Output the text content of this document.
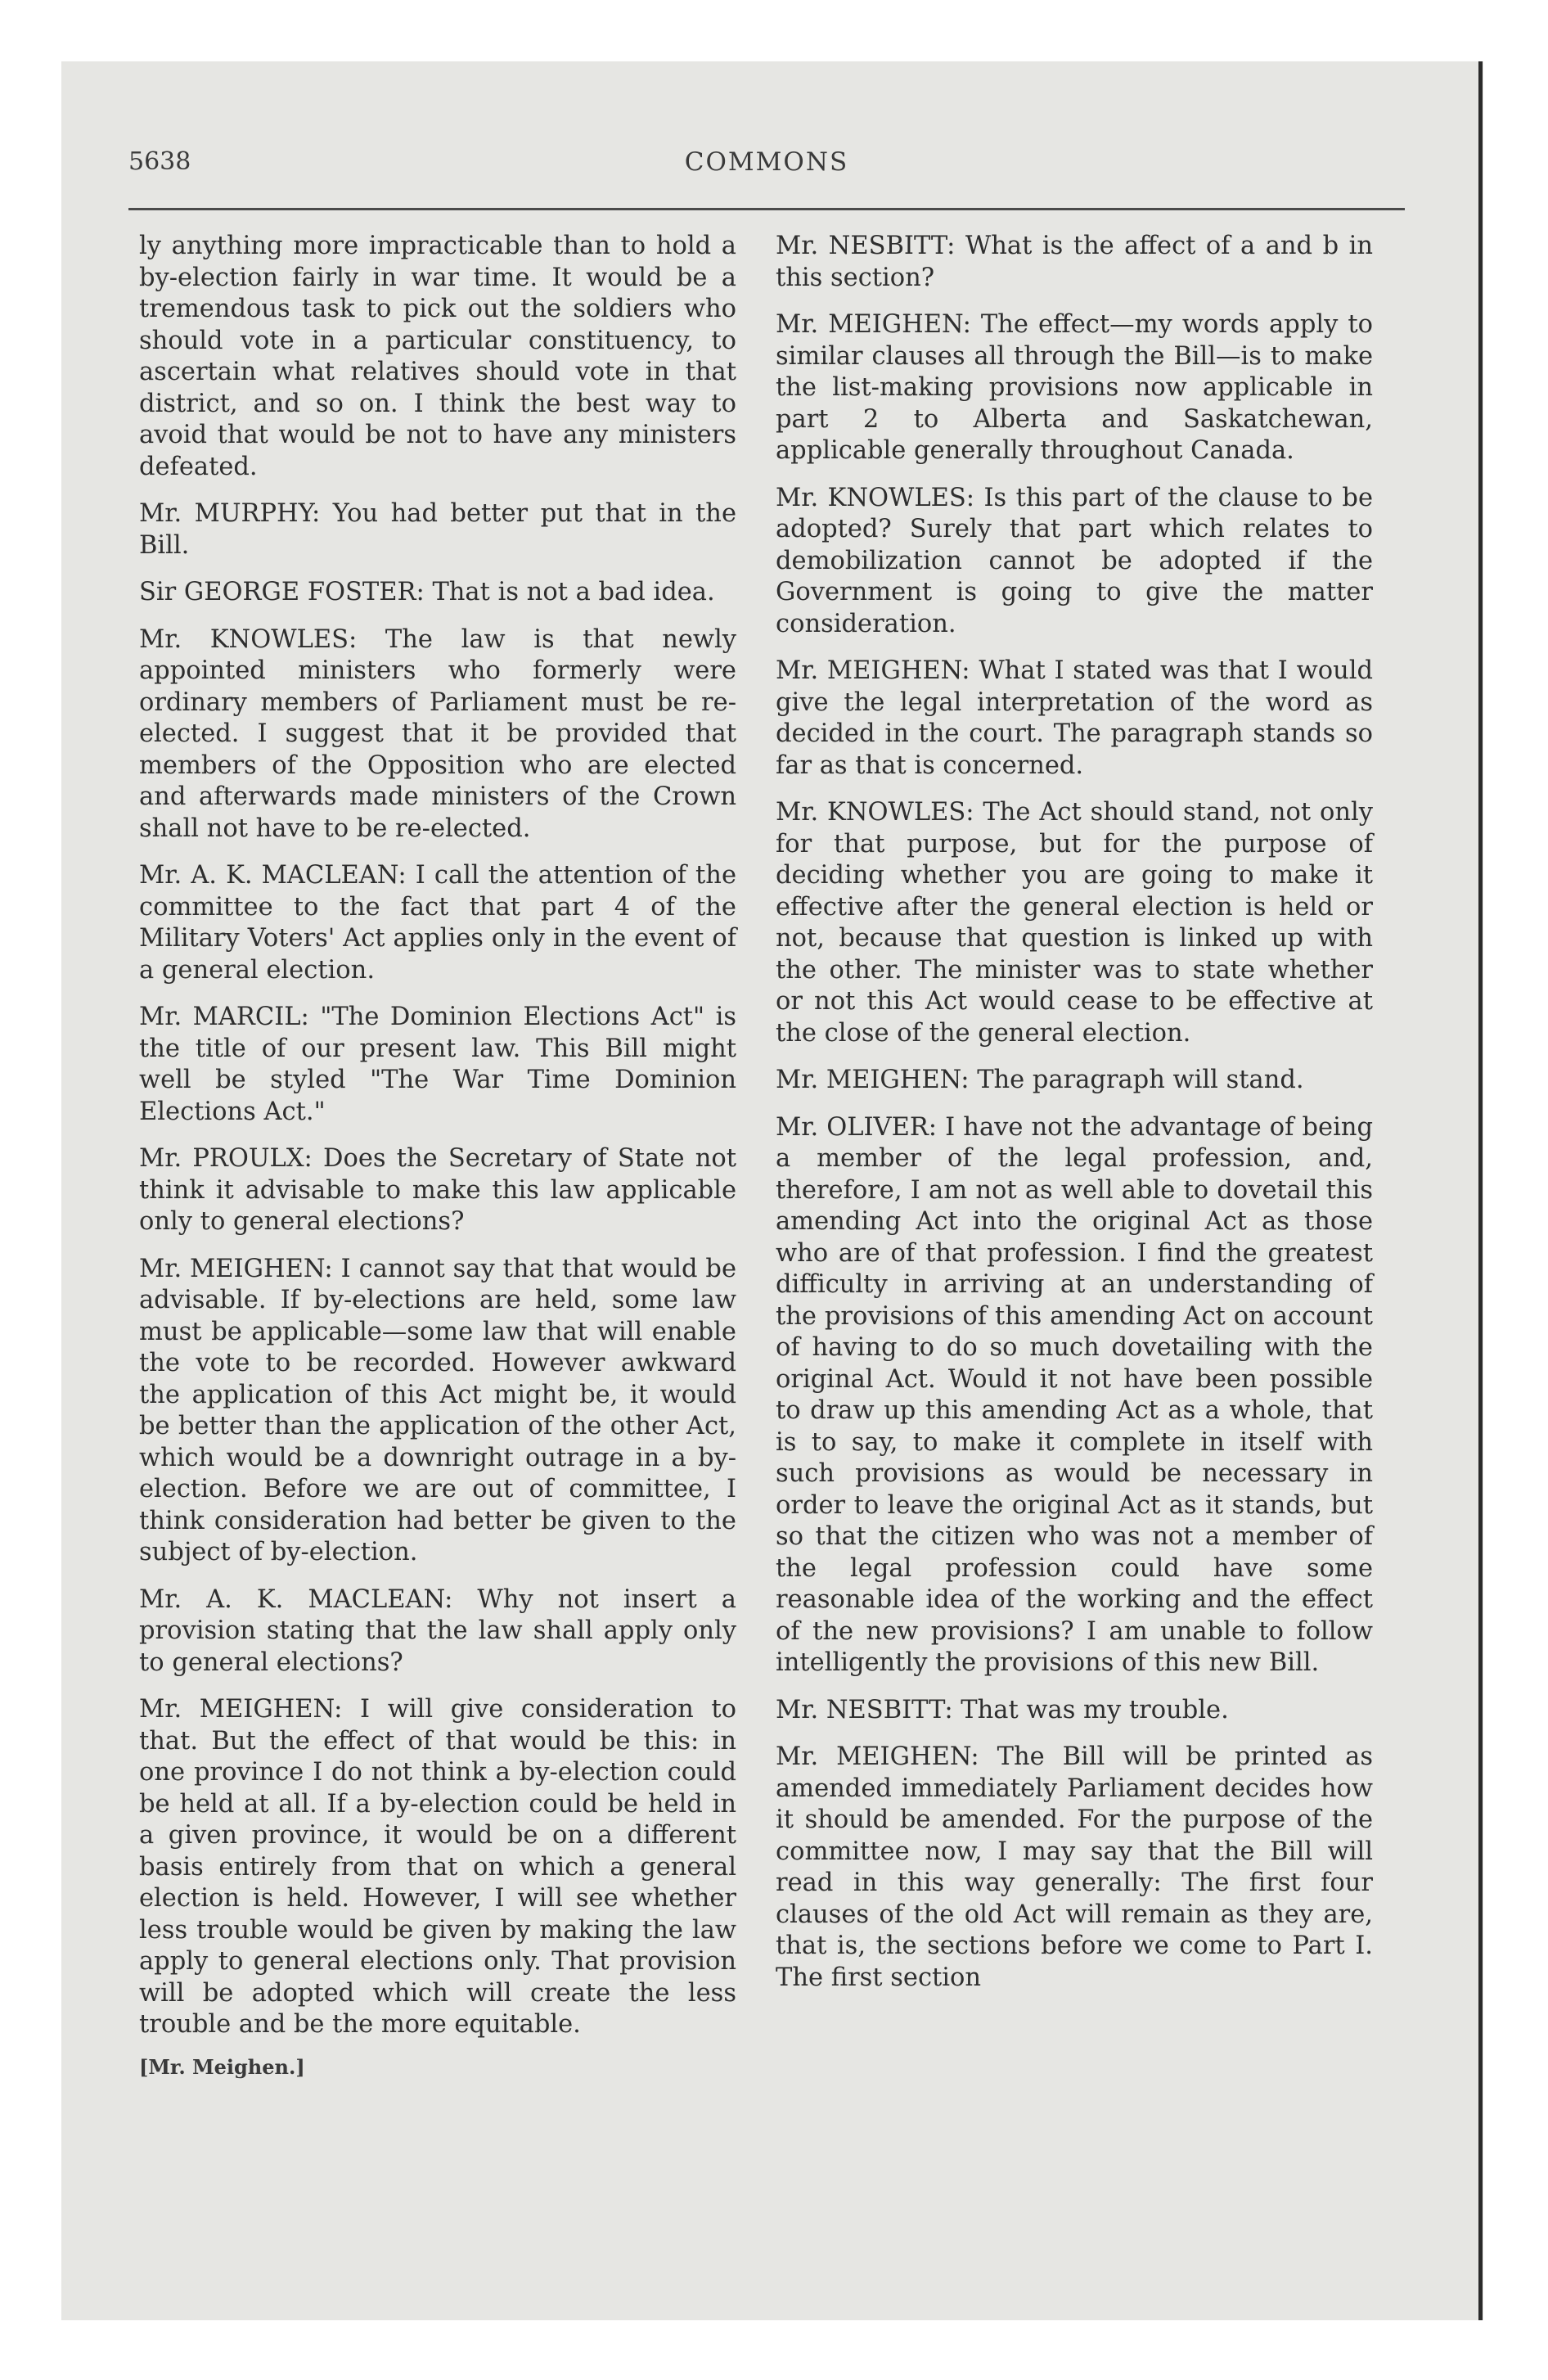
5638	COMMONS

ly anything more impracticable than to hold a by-election fairly in war time. It would be a tremendous task to pick out the soldiers who should vote in a particular constituency, to ascertain what relatives should vote in that district, and so on. I think the best way to avoid that would be not to have any ministers defeated.

Mr. MURPHY: You had better put that in the Bill.

Sir GEORGE FOSTER: That is not a bad idea.

Mr. KNOWLES: The law is that newly appointed ministers who formerly were ordinary members of Parliament must be re-elected. I suggest that it be provided that members of the Opposition who are elected and afterwards made ministers of the Crown shall not have to be re-elected.

Mr. A. K. MACLEAN: I call the attention of the committee to the fact that part 4 of the Military Voters' Act applies only in the event of a general election.

Mr. MARCIL: "The Dominion Elections Act" is the title of our present law. This Bill might well be styled "The War Time Dominion Elections Act."

Mr. PROULX: Does the Secretary of State not think it advisable to make this law applicable only to general elections?

Mr. MEIGHEN: I cannot say that that would be advisable. If by-elections are held, some law must be applicable—some law that will enable the vote to be recorded. However awkward the application of this Act might be, it would be better than the application of the other Act, which would be a downright outrage in a by-election. Before we are out of committee, I think consideration had better be given to the subject of by-election.

Mr. A. K. MACLEAN: Why not insert a provision stating that the law shall apply only to general elections?

Mr. MEIGHEN: I will give consideration to that. But the effect of that would be this: in one province I do not think a by-election could be held at all. If a by-election could be held in a given province, it would be on a different basis entirely from that on which a general election is held. However, I will see whether less trouble would be given by making the law apply to general elections only. That provision will be adopted which will create the less trouble and be the more equitable.

[Mr. Meighen.]

Mr. NESBITT: What is the affect of a and b in this section?

Mr. MEIGHEN: The effect—my words apply to similar clauses all through the Bill—is to make the list-making provisions now applicable in part 2 to Alberta and Saskatchewan, applicable generally throughout Canada.

Mr. KNOWLES: Is this part of the clause to be adopted? Surely that part which relates to demobilization cannot be adopted if the Government is going to give the matter consideration.

Mr. MEIGHEN: What I stated was that I would give the legal interpretation of the word as decided in the court. The paragraph stands so far as that is concerned.

Mr. KNOWLES: The Act should stand, not only for that purpose, but for the purpose of deciding whether you are going to make it effective after the general election is held or not, because that question is linked up with the other. The minister was to state whether or not this Act would cease to be effective at the close of the general election.

Mr. MEIGHEN: The paragraph will stand.

Mr. OLIVER: I have not the advantage of being a member of the legal profession, and, therefore, I am not as well able to dovetail this amending Act into the original Act as those who are of that profession. I find the greatest difficulty in arriving at an understanding of the provisions of this amending Act on account of having to do so much dovetailing with the original Act. Would it not have been possible to draw up this amending Act as a whole, that is to say, to make it complete in itself with such provisions as would be necessary in order to leave the original Act as it stands, but so that the citizen who was not a member of the legal profession could have some reasonable idea of the working and the effect of the new provisions? I am unable to follow intelligently the provisions of this new Bill.

Mr. NESBITT: That was my trouble.

Mr. MEIGHEN: The Bill will be printed as amended immediately Parliament decides how it should be amended. For the purpose of the committee now, I may say that the Bill will read in this way generally: The first four clauses of the old Act will remain as they are, that is, the sections before we come to Part I. The first section
